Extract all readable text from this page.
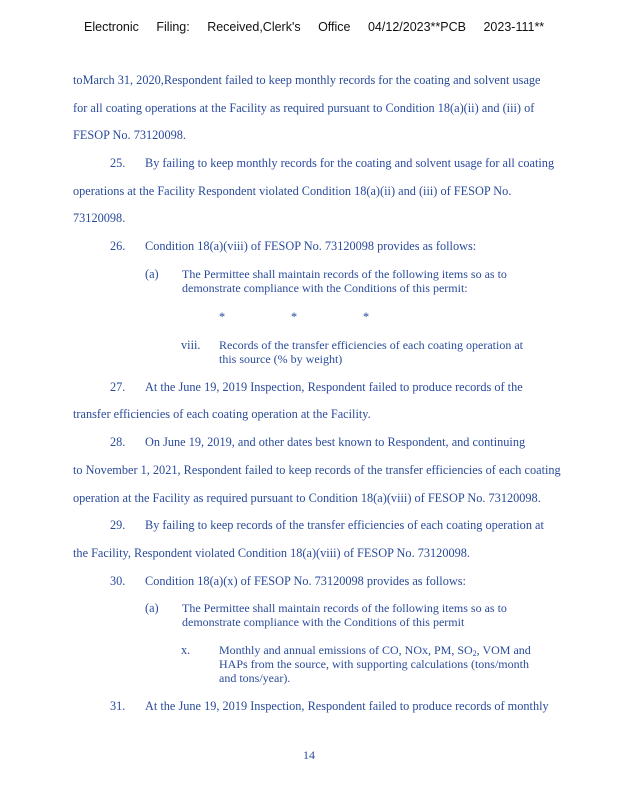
Electronic Filing: Received,Clerk's Office 04/12/2023**PCB 2023-111**
toMarch 31, 2020,Respondent failed to keep monthly records for the coating and solvent usage
for all coating operations at the Facility as required pursuant to Condition 18(a)(ii) and (iii) of
FESOP No. 73120098.
25. By failing to keep monthly records for the coating and solvent usage for all coating
operations at the Facility Respondent violated Condition 18(a)(ii) and (iii) of FESOP No.
73120098.
26. Condition 18(a)(viii) of FESOP No. 73120098 provides as follows:
(a) The Permittee shall maintain records of the following items so as to
demonstrate compliance with the Conditions of this permit:
*	*	*
viii. Records of the transfer efficiencies of each coating operation at
this source (% by weight)
27. At the June 19, 2019 Inspection, Respondent failed to produce records of the
transfer efficiencies of each coating operation at the Facility.
28. On June 19, 2019, and other dates best known to Respondent, and continuing
to November 1, 2021, Respondent failed to keep records of the transfer efficiencies of each coating
operation at the Facility as required pursuant to Condition 18(a)(viii) of FESOP No. 73120098.
29. By failing to keep records of the transfer efficiencies of each coating operation at
the Facility, Respondent violated Condition 18(a)(viii) of FESOP No. 73120098.
30. Condition 18(a)(x) of FESOP No. 73120098 provides as follows:
(a) The Permittee shall maintain records of the following items so as to
demonstrate compliance with the Conditions of this permit
x. Monthly and annual emissions of CO, NOx, PM, $SO_2$, VOM and
HAPs from the source, with supporting calculations (tons/month
and tons/year).
31. At the June 19, 2019 Inspection, Respondent failed to produce records of monthly
14
